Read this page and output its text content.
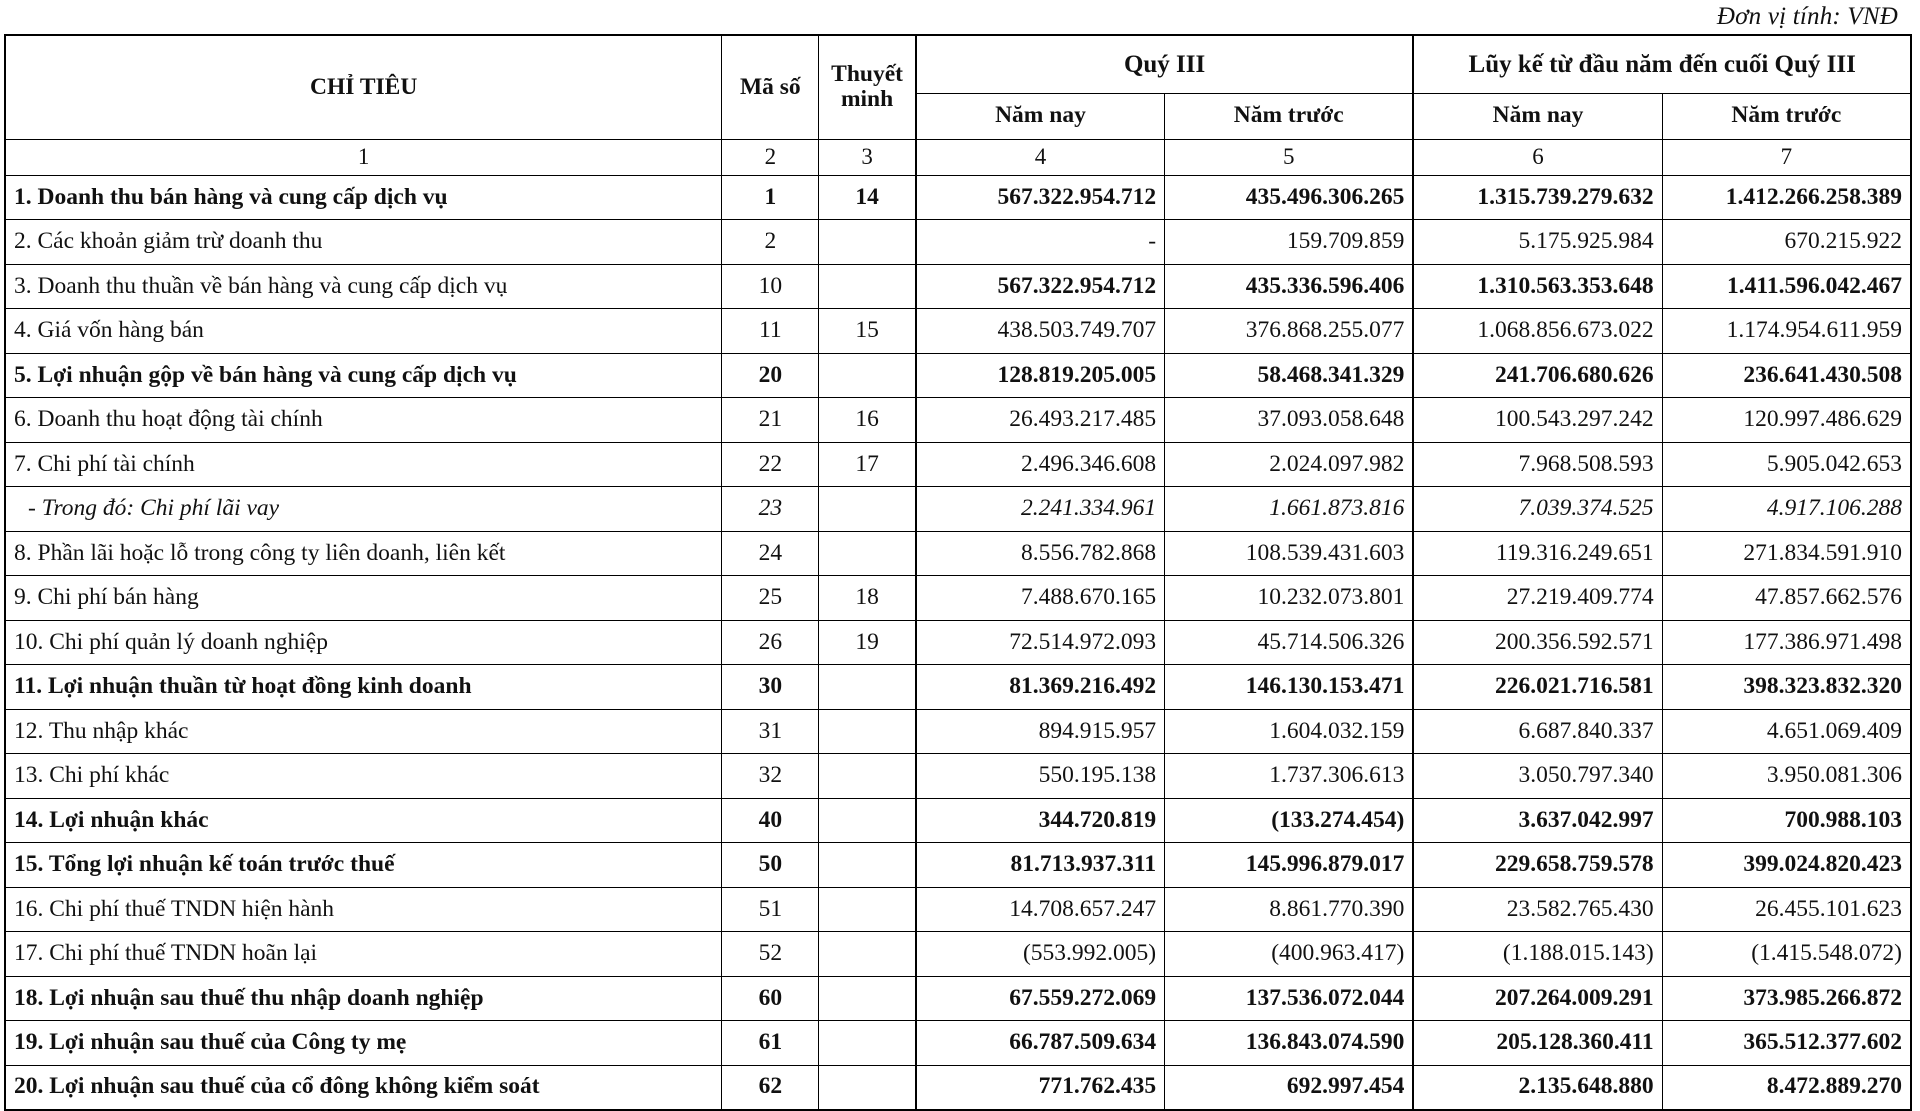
Đơn vị tính: VNĐ
CHỈ TIÊU	Mã số	Thuyết minh	Quý III		Lũy kế từ đầu năm đến cuối Quý III	
			Năm nay	Năm trước	Năm nay	Năm trước
1	2	3	4	5	6	7
1. Doanh thu bán hàng và cung cấp dịch vụ	1	14	567.322.954.712	435.496.306.265	1.315.739.279.632	1.412.266.258.389
2. Các khoản giảm trừ doanh thu	2		-	159.709.859	5.175.925.984	670.215.922
3. Doanh thu thuần về bán hàng và cung cấp dịch vụ	10		567.322.954.712	435.336.596.406	1.310.563.353.648	1.411.596.042.467
4. Giá vốn hàng bán	11	15	438.503.749.707	376.868.255.077	1.068.856.673.022	1.174.954.611.959
5. Lợi nhuận gộp về bán hàng và cung cấp dịch vụ	20		128.819.205.005	58.468.341.329	241.706.680.626	236.641.430.508
6. Doanh thu hoạt động tài chính	21	16	26.493.217.485	37.093.058.648	100.543.297.242	120.997.486.629
7. Chi phí tài chính	22	17	2.496.346.608	2.024.097.982	7.968.508.593	5.905.042.653
- Trong đó: Chi phí lãi vay	23		2.241.334.961	1.661.873.816	7.039.374.525	4.917.106.288
8. Phần lãi hoặc lỗ trong công ty liên doanh, liên kết	24		8.556.782.868	108.539.431.603	119.316.249.651	271.834.591.910
9. Chi phí bán hàng	25	18	7.488.670.165	10.232.073.801	27.219.409.774	47.857.662.576
10. Chi phí quản lý doanh nghiệp	26	19	72.514.972.093	45.714.506.326	200.356.592.571	177.386.971.498
11. Lợi nhuận thuần từ hoạt đồng kinh doanh	30		81.369.216.492	146.130.153.471	226.021.716.581	398.323.832.320
12. Thu nhập khác	31		894.915.957	1.604.032.159	6.687.840.337	4.651.069.409
13. Chi phí khác	32		550.195.138	1.737.306.613	3.050.797.340	3.950.081.306
14. Lợi nhuận khác	40		344.720.819	(133.274.454)	3.637.042.997	700.988.103
15. Tổng lợi nhuận kế toán trước thuế	50		81.713.937.311	145.996.879.017	229.658.759.578	399.024.820.423
16. Chi phí thuế TNDN hiện hành	51		14.708.657.247	8.861.770.390	23.582.765.430	26.455.101.623
17. Chi phí thuế TNDN hoãn lại	52		(553.992.005)	(400.963.417)	(1.188.015.143)	(1.415.548.072)
18. Lợi nhuận sau thuế thu nhập doanh nghiệp	60		67.559.272.069	137.536.072.044	207.264.009.291	373.985.266.872
19. Lợi nhuận sau thuế của Công ty mẹ	61		66.787.509.634	136.843.074.590	205.128.360.411	365.512.377.602
20. Lợi nhuận sau thuế của cổ đông không kiểm soát	62		771.762.435	692.997.454	2.135.648.880	8.472.889.270
